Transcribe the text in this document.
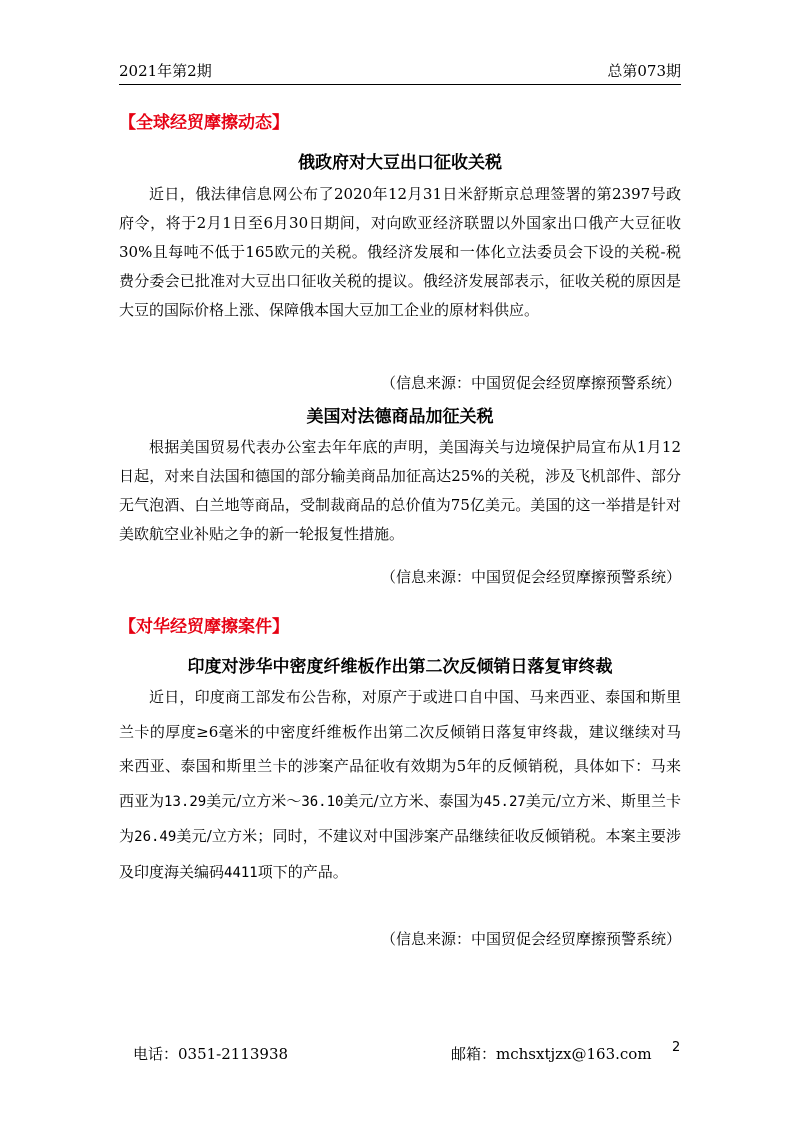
2021年第2期	总第073期
【全球经贸摩擦动态】
俄政府对大豆出口征收关税

近日，俄法律信息网公布了2020年12月31日米舒斯京总理签署的第2397号政府令，将于2月1日至6月30日期间，对向欧亚经济联盟以外国家出口俄产大豆征收30%且每吨不低于165欧元的关税。俄经济发展和一体化立法委员会下设的关税-税费分委会已批准对大豆出口征收关税的提议。俄经济发展部表示，征收关税的原因是大豆的国际价格上涨、保障俄本国大豆加工企业的原材料供应。

（信息来源：中国贸促会经贸摩擦预警系统）
美国对法德商品加征关税

根据美国贸易代表办公室去年年底的声明，美国海关与边境保护局宣布从1月12日起，对来自法国和德国的部分输美商品加征高达25%的关税，涉及飞机部件、部分无气泡酒、白兰地等商品，受制裁商品的总价值为75亿美元。美国的这一举措是针对美欧航空业补贴之争的新一轮报复性措施。

（信息来源：中国贸促会经贸摩擦预警系统）
【对华经贸摩擦案件】
印度对涉华中密度纤维板作出第二次反倾销日落复审终裁

近日，印度商工部发布公告称，对原产于或进口自中国、马来西亚、泰国和斯里兰卡的厚度≥6毫米的中密度纤维板作出第二次反倾销日落复审终裁，建议继续对马来西亚、泰国和斯里兰卡的涉案产品征收有效期为5年的反倾销税，具体如下：马来西亚为13.29美元/立方米～36.10美元/立方米、泰国为45.27美元/立方米、斯里兰卡为26.49美元/立方米；同时，不建议对中国涉案产品继续征收反倾销税。本案主要涉及印度海关编码4411项下的产品。

（信息来源：中国贸促会经贸摩擦预警系统）
电话：0351-2113938	邮箱：mchsxtjzx@163.com 2
